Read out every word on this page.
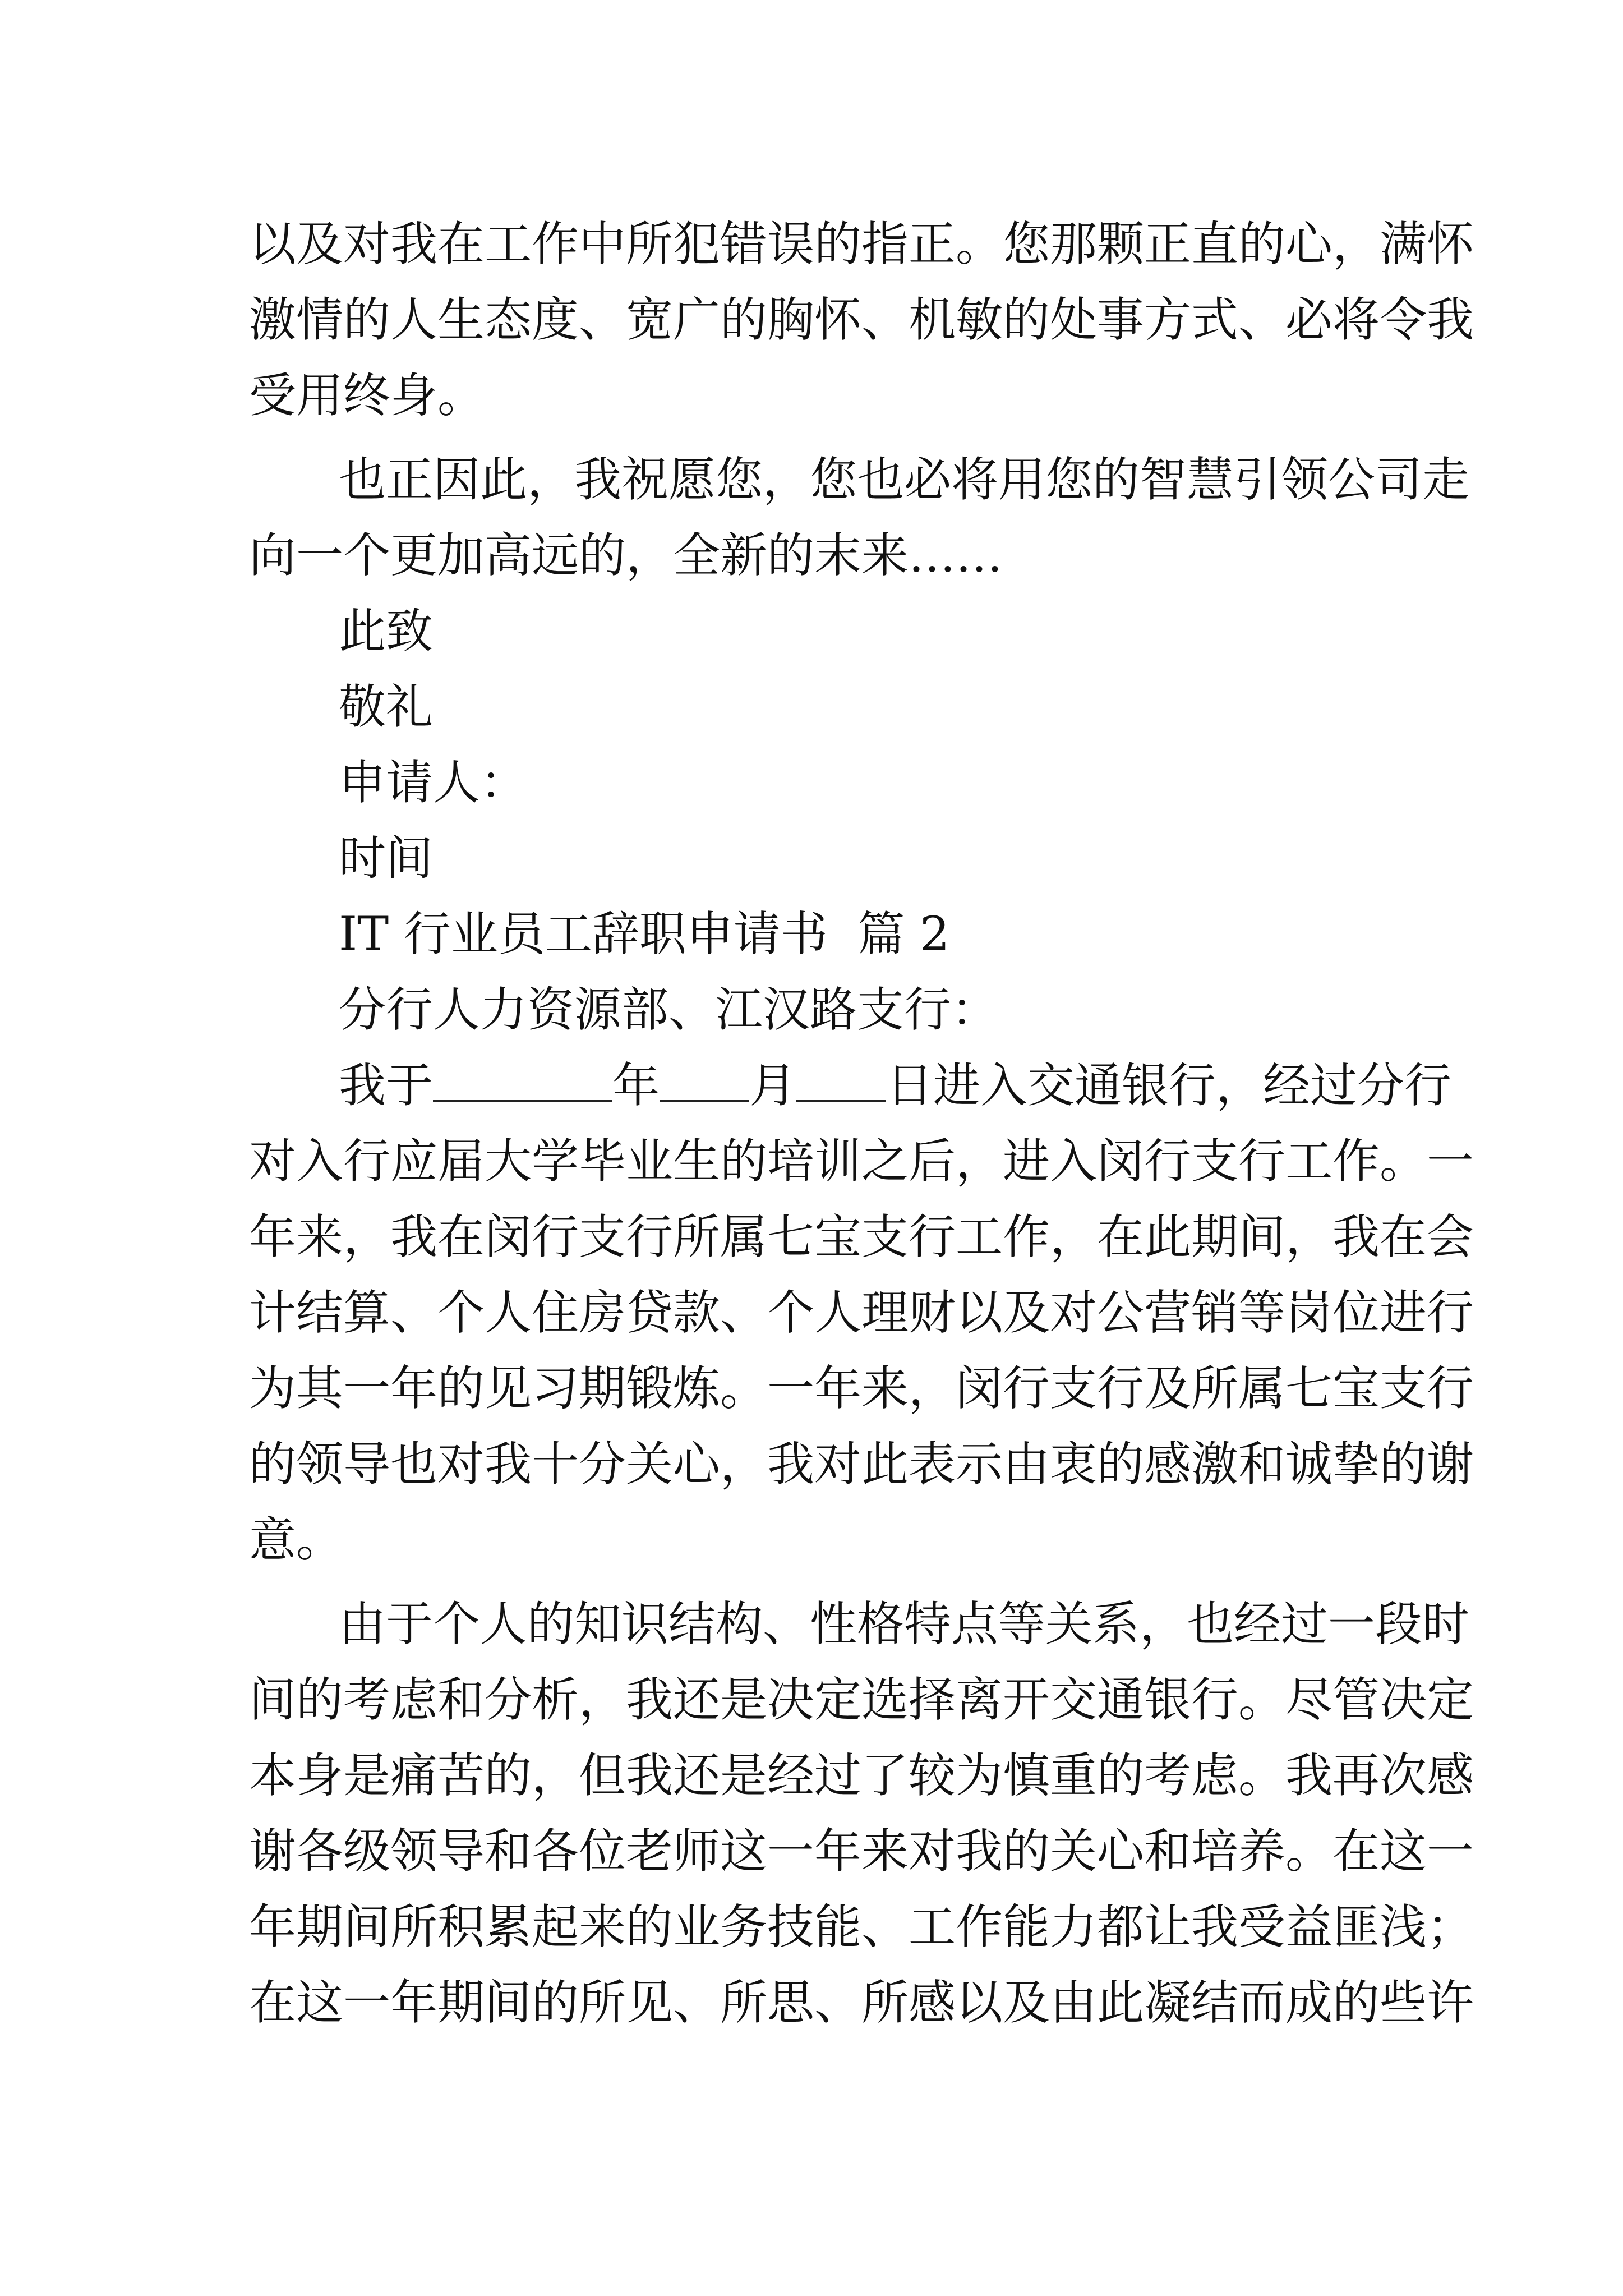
以及对我在工作中所犯错误的指正。您那颗正直的心，满怀
激情的人生态度、宽广的胸怀、机敏的处事方式、必将令我
受用终身。
也正因此，我祝愿您，您也必将用您的智慧引领公司走
向一个更加高远的，全新的末来……
此致
敬礼
申请人：
时间
IT 行业员工辞职申请书  篇 2
分行人力资源部、江汉路支行：
我于	年 月 日进入交通银行，经过分行
对入行应届大学毕业生的培训之后，进入闵行支行工作。一
年来，我在闵行支行所属七宝支行工作，在此期间，我在会
计结算、个人住房贷款、个人理财以及对公营销等岗位进行
为其一年的见习期锻炼。一年来，闵行支行及所属七宝支行
的领导也对我十分关心，我对此表示由衷的感激和诚挚的谢
意。
由于个人的知识结构、性格特点等关系，也经过一段时
间的考虑和分析，我还是决定选择离开交通银行。尽管决定
本身是痛苦的，但我还是经过了较为慎重的考虑。我再次感
谢各级领导和各位老师这一年来对我的关心和培养。在这一
年期间所积累起来的业务技能、工作能力都让我受益匪浅；
在这一年期间的所见、所思、所感以及由此凝结而成的些许
